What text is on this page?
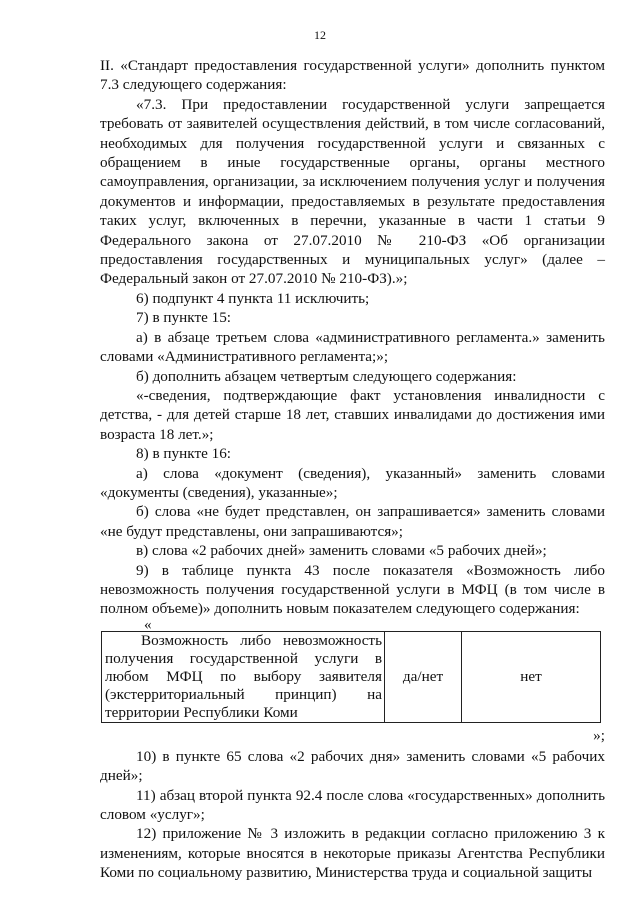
12

II. «Стандарт предоставления государственной услуги» дополнить пунктом 7.3 следующего содержания:

«7.3. При предоставлении государственной услуги запрещается требовать от заявителей осуществления действий, в том числе согласований, необходимых для получения государственной услуги и связанных с обращением в иные государственные органы, органы местного самоуправления, организации, за исключением получения услуг и получения документов и информации, предоставляемых в результате предоставления таких услуг, включенных в перечни, указанные в части 1 статьи 9 Федерального закона от 27.07.2010 № 210-ФЗ «Об организации предоставления государственных и муниципальных услуг» (далее – Федеральный закон от 27.07.2010 № 210-ФЗ).»;

6) подпункт 4 пункта 11 исключить;

7) в пункте 15:

а) в абзаце третьем слова «административного регламента.» заменить словами «Административного регламента;»;

б) дополнить абзацем четвертым следующего содержания:

«-сведения, подтверждающие факт установления инвалидности с детства, - для детей старше 18 лет, ставших инвалидами до достижения ими возраста 18 лет.»;

8) в пункте 16:

а) слова «документ (сведения), указанный» заменить словами «документы (сведения), указанные»;

б) слова «не будет представлен, он запрашивается» заменить словами «не будут представлены, они запрашиваются»;

в) слова «2 рабочих дней» заменить словами «5 рабочих дней»;

9) в таблице пункта 43 после показателя «Возможность либо невозможность получения государственной услуги в МФЦ (в том числе в полном объеме)» дополнить новым показателем следующего содержания:

«
Возможность либо невозможность получения государственной услуги в любом МФЦ по выбору заявителя (экстерриториальный принцип) на территории Республики Коми	да/нет	нет
»;

10) в пункте 65 слова «2 рабочих дня» заменить словами «5 рабочих дней»;

11) абзац второй пункта 92.4 после слова «государственных» дополнить словом «услуг»;

12) приложение № 3 изложить в редакции согласно приложению 3 к изменениям, которые вносятся в некоторые приказы Агентства Республики Коми по социальному развитию, Министерства труда и социальной защиты
